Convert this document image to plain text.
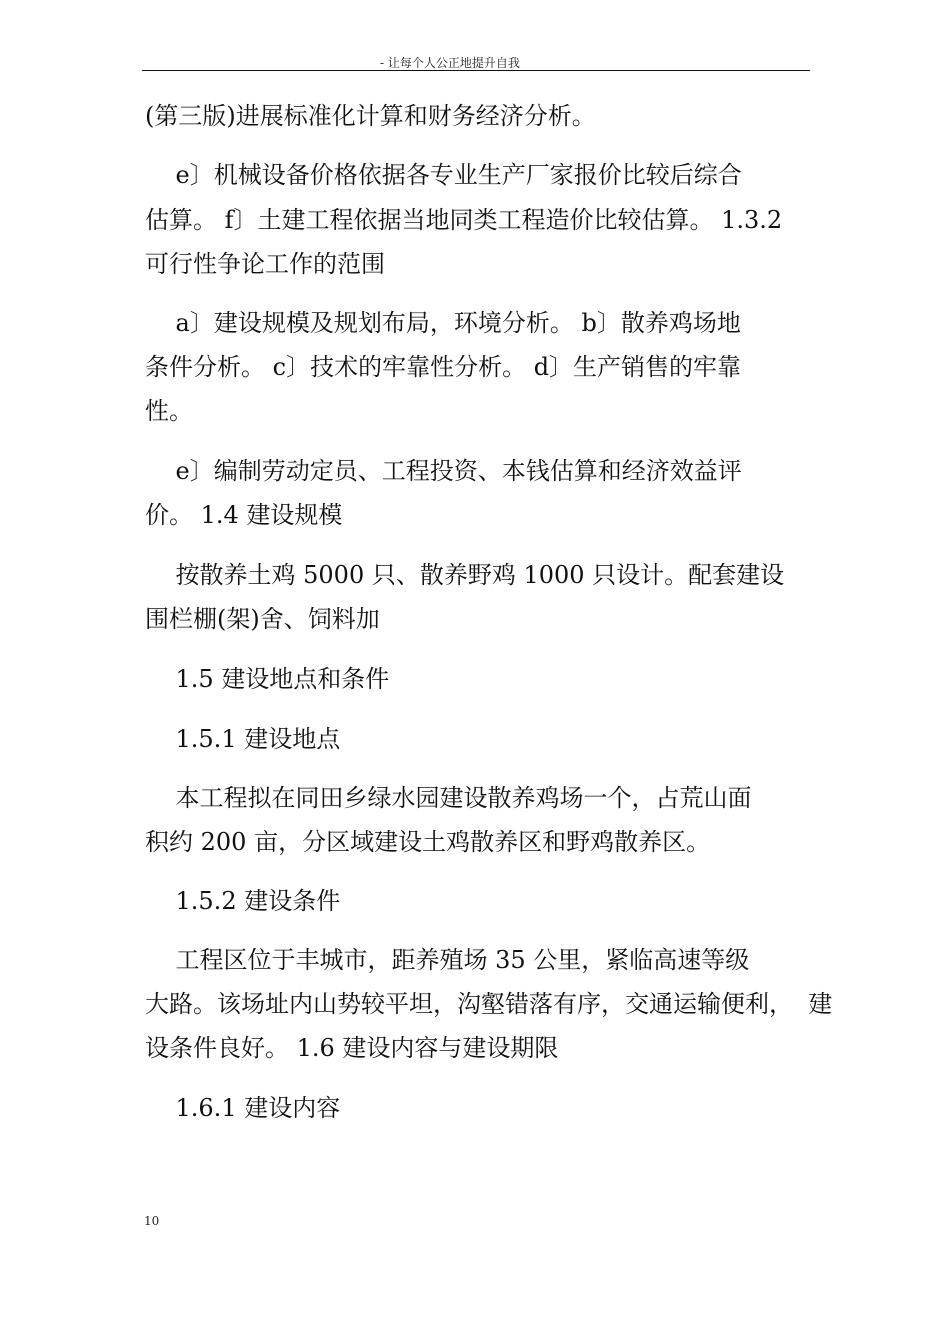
- 让每个人公正地提升自我
(第三版)进展标准化计算和财务经济分析。
e〕机械设备价格依据各专业生产厂家报价比较后综合
估算。 f〕土建工程依据当地同类工程造价比较估算。 1.3.2
可行性争论工作的范围
a〕建设规模及规划布局，环境分析。 b〕散养鸡场地
条件分析。 c〕技术的牢靠性分析。 d〕生产销售的牢靠
性。
e〕编制劳动定员、工程投资、本钱估算和经济效益评
价。 1.4 建设规模
按散养土鸡 5000 只、散养野鸡 1000 只设计。配套建设
围栏棚(架)舍、饲料加
1.5 建设地点和条件
1.5.1 建设地点
本工程拟在同田乡绿水园建设散养鸡场一个，占荒山面
积约 200 亩，分区域建设土鸡散养区和野鸡散养区。
1.5.2 建设条件
工程区位于丰城市，距养殖场 35 公里，紧临高速等级
大路。该场址内山势较平坦，沟壑错落有序，交通运输便利，  建
设条件良好。 1.6 建设内容与建设期限
1.6.1 建设内容
10
